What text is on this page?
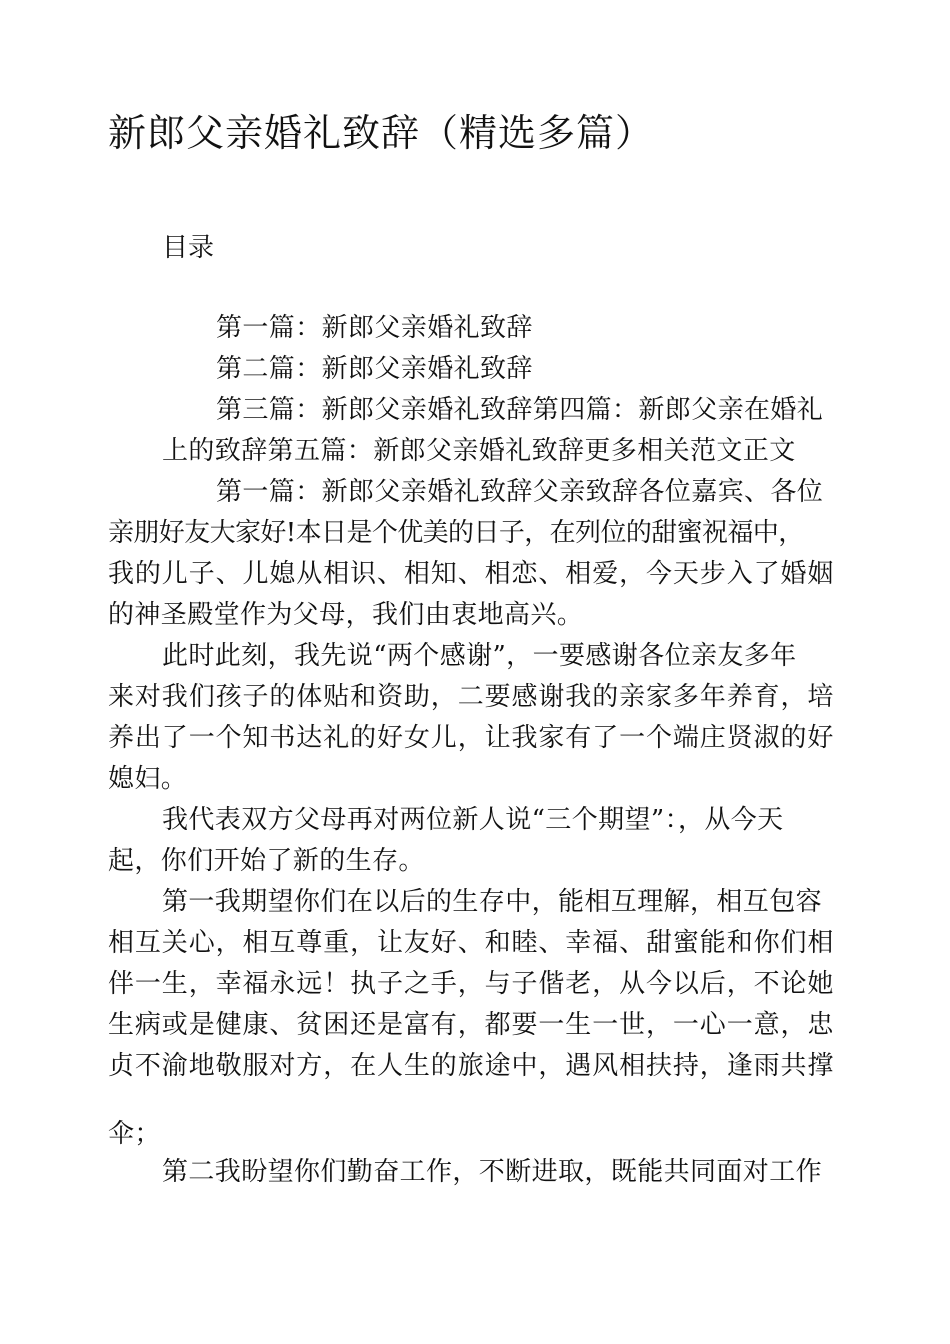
新郎父亲婚礼致辞（精选多篇）
目录
第一篇：新郎父亲婚礼致辞
第二篇：新郎父亲婚礼致辞
第三篇：新郎父亲婚礼致辞第四篇：新郎父亲在婚礼
上的致辞第五篇：新郎父亲婚礼致辞更多相关范文正文
第一篇：新郎父亲婚礼致辞父亲致辞各位嘉宾、各位
亲朋好友大家好!本日是个优美的日子，在列位的甜蜜祝福中，
我的儿子、儿媳从相识、相知、相恋、相爱，今天步入了婚姻
的神圣殿堂作为父母，我们由衷地高兴。
此时此刻，我先说“两个感谢”，一要感谢各位亲友多年
来对我们孩子的体贴和资助，二要感谢我的亲家多年养育，培
养出了一个知书达礼的好女儿，让我家有了一个端庄贤淑的好
媳妇。
我代表双方父母再对两位新人说“三个期望”：，从今天
起，你们开始了新的生存。
第一我期望你们在以后的生存中，能相互理解，相互包容
相互关心，相互尊重，让友好、和睦、幸福、甜蜜能和你们相
伴一生，幸福永远！执子之手，与子偕老，从今以后，不论她
生病或是健康、贫困还是富有，都要一生一世，一心一意，忠
贞不渝地敬服对方，在人生的旅途中，遇风相扶持，逢雨共撑
伞；
第二我盼望你们勤奋工作，不断进取，既能共同面对工作
